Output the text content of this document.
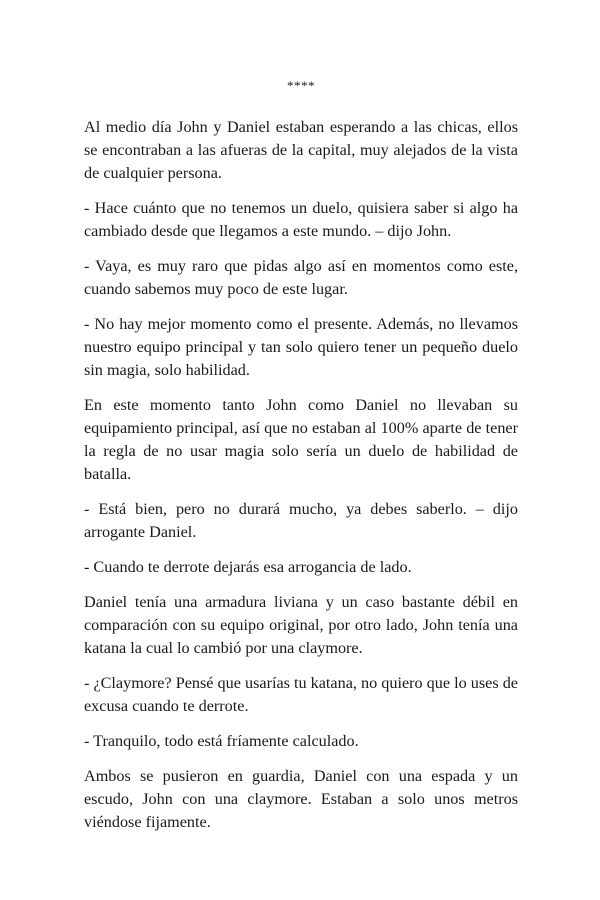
****

Al medio día John y Daniel estaban esperando a las chicas, ellos se encontraban a las afueras de la capital, muy alejados de la vista de cualquier persona.

- Hace cuánto que no tenemos un duelo, quisiera saber si algo ha cambiado desde que llegamos a este mundo. – dijo John.

- Vaya, es muy raro que pidas algo así en momentos como este, cuando sabemos muy poco de este lugar.

- No hay mejor momento como el presente. Además, no llevamos nuestro equipo principal y tan solo quiero tener un pequeño duelo sin magia, solo habilidad.

En este momento tanto John como Daniel no llevaban su equipamiento principal, así que no estaban al 100% aparte de tener la regla de no usar magia solo sería un duelo de habilidad de batalla.

- Está bien, pero no durará mucho, ya debes saberlo. – dijo arrogante Daniel.

- Cuando te derrote dejarás esa arrogancia de lado.

Daniel tenía una armadura liviana y un caso bastante débil en comparación con su equipo original, por otro lado, John tenía una katana la cual lo cambió por una claymore.

- ¿Claymore? Pensé que usarías tu katana, no quiero que lo uses de excusa cuando te derrote.

- Tranquilo, todo está fríamente calculado.

Ambos se pusieron en guardia, Daniel con una espada y un escudo, John con una claymore. Estaban a solo unos metros viéndose fijamente.
